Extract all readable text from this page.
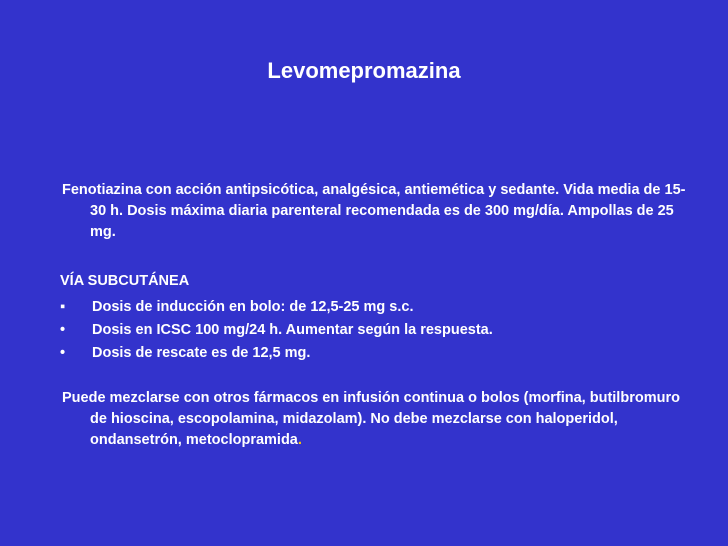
Levomepromazina
Fenotiazina con acción antipsicótica, analgésica, antiemética y sedante. Vida media de 15-30 h. Dosis máxima diaria parenteral recomendada es de 300 mg/día. Ampollas de 25 mg.
VÍA SUBCUTÁNEA
▪	Dosis de inducción en bolo: de 12,5-25 mg s.c.
•	Dosis en ICSC 100 mg/24 h. Aumentar según la respuesta.
•	Dosis de rescate es de 12,5 mg.
Puede mezclarse con otros fármacos en infusión continua o bolos (morfina, butilbromuro de hioscina, escopolamina, midazolam). No debe mezclarse con haloperidol, ondansetrón, metoclopramida.
